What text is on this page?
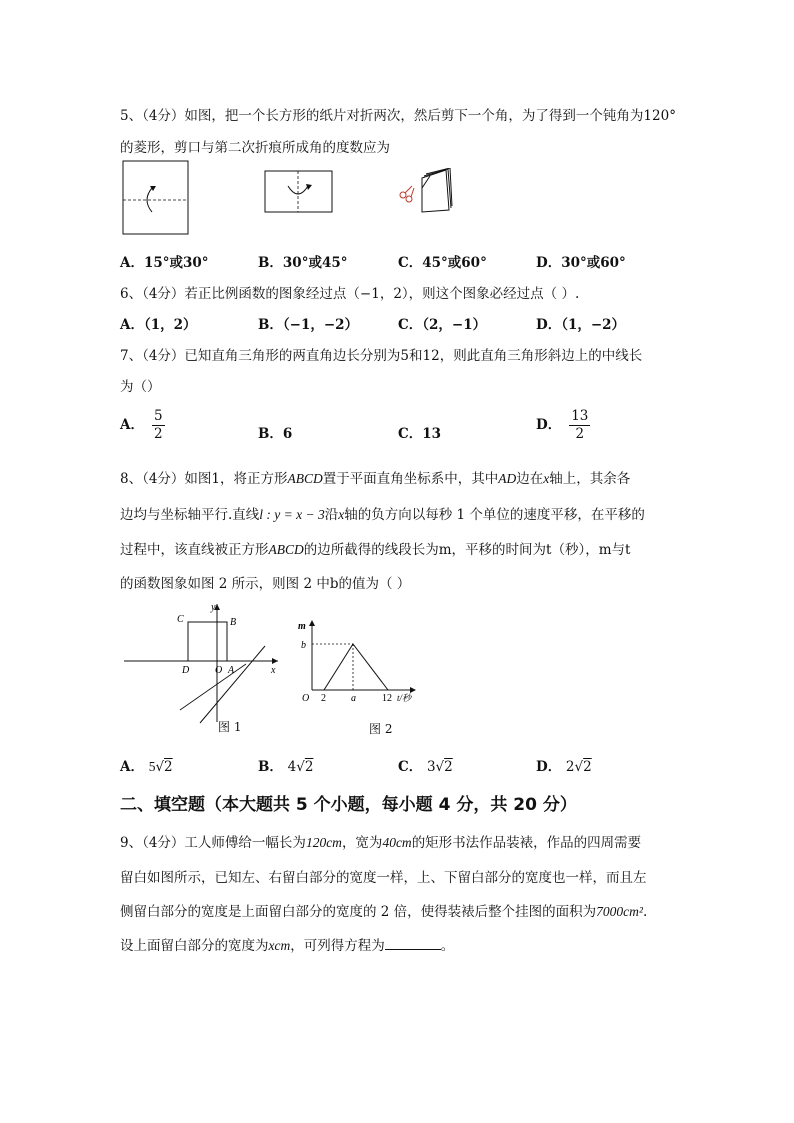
5、（4分）如图，把一个长方形的纸片对折两次，然后剪下一个角，为了得到一个钝角为120°
的菱形，剪口与第二次折痕所成角的度数应为
A．15°或30°	B．30°或45°	C．45°或60°	D．30°或60°
6、（4分）若正比例函数的图象经过点（−1，2），则这个图象必经过点（ ）.
A．（1，2）	B．（−1，−2）	C．（2，−1）	D．（1，−2）
7、（4分）已知直角三角形的两直角边长分别为5和12，则此直角三角形斜边上的中线长
为（）
A． $\frac{5}{2}$	B．6	C．13
D． $\frac{13}{2}$
8、（4分）如图1，将正方形ABCD置于平面直角坐标系中，其中AD边在x轴上，其余各
边均与坐标轴平行.直线l : y = x − 3沿x轴的负方向以每秒 1 个单位的速度平移，在平移的
过程中，该直线被正方形ABCD的边所截得的线段长为m，平移的时间为t（秒），m与t
的函数图象如图 2 所示，则图 2 中b的值为（ ）
C	B
D	O A	x
y
图 1
m
b
O 2	a	12 t/秒
图 2
A． 5√2	B． 4√2	C． 3√2	D． 2√2
二、填空题（本大题共 5 个小题，每小题 4 分，共 20 分）
9、（4分）工人师傅给一幅长为120cm，宽为40cm的矩形书法作品装裱，作品的四周需要
留白如图所示，已知左、右留白部分的宽度一样，上、下留白部分的宽度也一样，而且左
侧留白部分的宽度是上面留白部分的宽度的 2 倍，使得装裱后整个挂图的面积为7000cm².
设上面留白部分的宽度为xcm，可列得方程为	。
